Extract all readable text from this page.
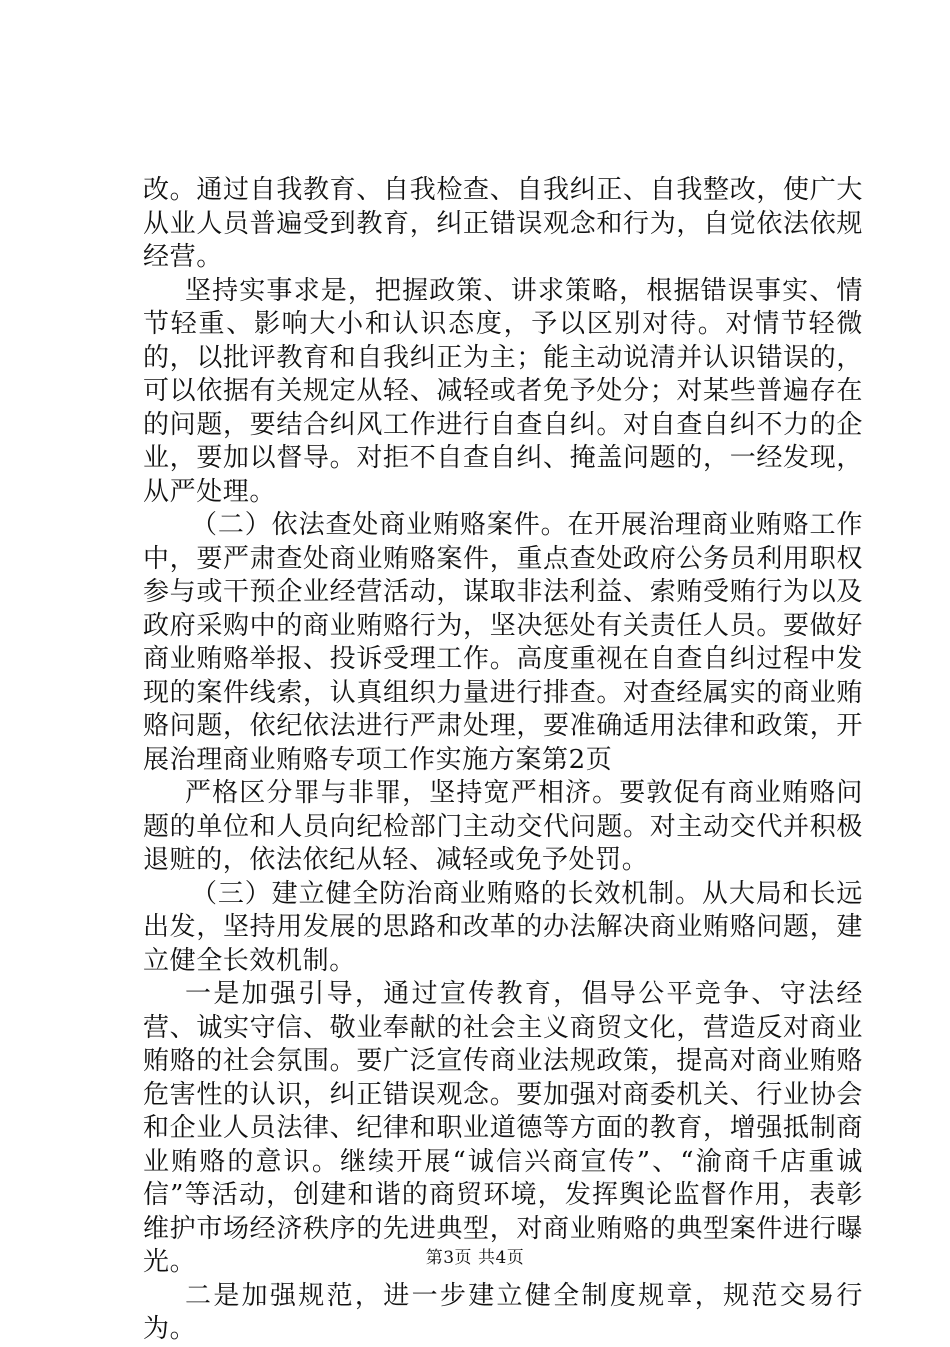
改。通过自我教育、自我检查、自我纠正、自我整改，使广大从业人员普遍受到教育，纠正错误观念和行为，自觉依法依规经营。

坚持实事求是，把握政策、讲求策略，根据错误事实、情节轻重、影响大小和认识态度，予以区别对待。对情节轻微的，以批评教育和自我纠正为主；能主动说清并认识错误的，可以依据有关规定从轻、减轻或者免予处分；对某些普遍存在的问题，要结合纠风工作进行自查自纠。对自查自纠不力的企业，要加以督导。对拒不自查自纠、掩盖问题的，一经发现，从严处理。

（二）依法查处商业贿赂案件。在开展治理商业贿赂工作中，要严肃查处商业贿赂案件，重点查处政府公务员利用职权参与或干预企业经营活动，谋取非法利益、索贿受贿行为以及政府采购中的商业贿赂行为，坚决惩处有关责任人员。要做好商业贿赂举报、投诉受理工作。高度重视在自查自纠过程中发现的案件线索，认真组织力量进行排查。对查经属实的商业贿赂问题，依纪依法进行严肃处理，要准确适用法律和政策，开展治理商业贿赂专项工作实施方案第2页

严格区分罪与非罪，坚持宽严相济。要敦促有商业贿赂问题的单位和人员向纪检部门主动交代问题。对主动交代并积极退赃的，依法依纪从轻、减轻或免予处罚。

（三）建立健全防治商业贿赂的长效机制。从大局和长远出发，坚持用发展的思路和改革的办法解决商业贿赂问题，建立健全长效机制。

一是加强引导，通过宣传教育，倡导公平竞争、守法经营、诚实守信、敬业奉献的社会主义商贸文化，营造反对商业贿赂的社会氛围。要广泛宣传商业法规政策，提高对商业贿赂危害性的认识，纠正错误观念。要加强对商委机关、行业协会和企业人员法律、纪律和职业道德等方面的教育，增强抵制商业贿赂的意识。继续开展“诚信兴商宣传”、“渝商千店重诚信”等活动，创建和谐的商贸环境，发挥舆论监督作用，表彰维护市场经济秩序的先进典型，对商业贿赂的典型案件进行曝光。

二是加强规范，进一步建立健全制度规章，规范交易行为。

第3页 共4页
